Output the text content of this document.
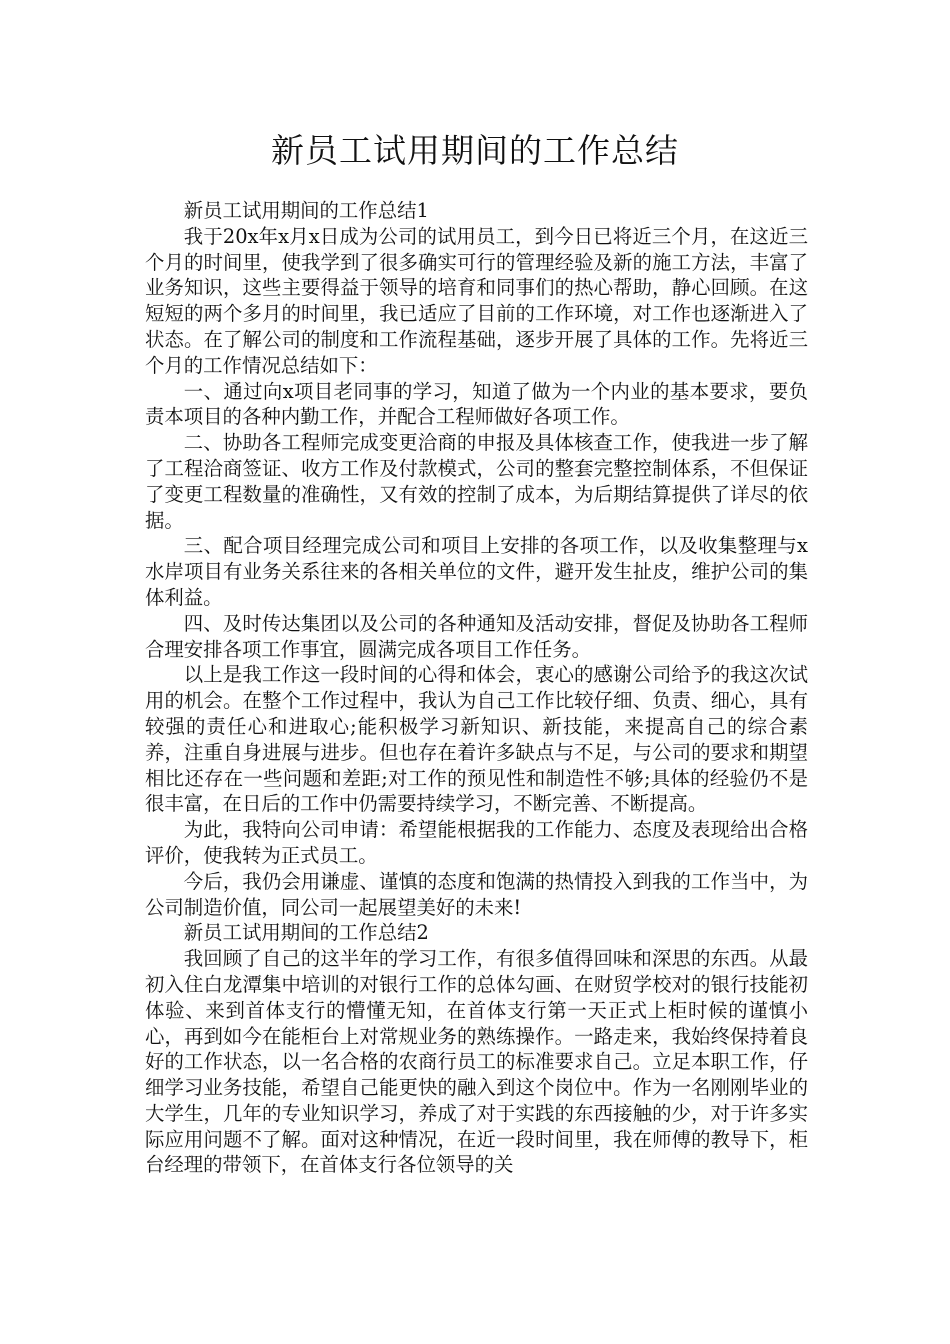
新员工试用期间的工作总结

新员工试用期间的工作总结1

我于20x年x月x日成为公司的试用员工，到今日已将近三个月，在这近三个月的时间里，使我学到了很多确实可行的管理经验及新的施工方法，丰富了业务知识，这些主要得益于领导的培育和同事们的热心帮助，静心回顾。在这短短的两个多月的时间里，我已适应了目前的工作环境，对工作也逐渐进入了状态。在了解公司的制度和工作流程基础，逐步开展了具体的工作。先将近三个月的工作情况总结如下：

一、通过向x项目老同事的学习，知道了做为一个内业的基本要求，要负责本项目的各种内勤工作，并配合工程师做好各项工作。

二、协助各工程师完成变更洽商的申报及具体核查工作，使我进一步了解了工程洽商签证、收方工作及付款模式，公司的整套完整控制体系，不但保证了变更工程数量的准确性，又有效的控制了成本，为后期结算提供了详尽的依据。

三、配合项目经理完成公司和项目上安排的各项工作，以及收集整理与x水岸项目有业务关系往来的各相关单位的文件，避开发生扯皮，维护公司的集体利益。

四、及时传达集团以及公司的各种通知及活动安排，督促及协助各工程师合理安排各项工作事宜，圆满完成各项目工作任务。

以上是我工作这一段时间的心得和体会，衷心的感谢公司给予的我这次试用的机会。在整个工作过程中，我认为自己工作比较仔细、负责、细心，具有较强的责任心和进取心;能积极学习新知识、新技能，来提高自己的综合素养，注重自身进展与进步。但也存在着许多缺点与不足，与公司的要求和期望相比还存在一些问题和差距;对工作的预见性和制造性不够;具体的经验仍不是很丰富，在日后的工作中仍需要持续学习，不断完善、不断提高。

为此，我特向公司申请：希望能根据我的工作能力、态度及表现给出合格评价，使我转为正式员工。

今后，我仍会用谦虚、谨慎的态度和饱满的热情投入到我的工作当中，为公司制造价值，同公司一起展望美好的未来!

新员工试用期间的工作总结2

我回顾了自己的这半年的学习工作，有很多值得回味和深思的东西。从最初入住白龙潭集中培训的对银行工作的总体勾画、在财贸学校对的银行技能初体验、来到首体支行的懵懂无知，在首体支行第一天正式上柜时候的谨慎小心，再到如今在能柜台上对常规业务的熟练操作。一路走来，我始终保持着良好的工作状态，以一名合格的农商行员工的标准要求自己。立足本职工作，仔细学习业务技能，希望自己能更快的融入到这个岗位中。作为一名刚刚毕业的大学生，几年的专业知识学习，养成了对于实践的东西接触的少，对于许多实际应用问题不了解。面对这种情况，在近一段时间里，我在师傅的教导下，柜台经理的带领下，在首体支行各位领导的关
